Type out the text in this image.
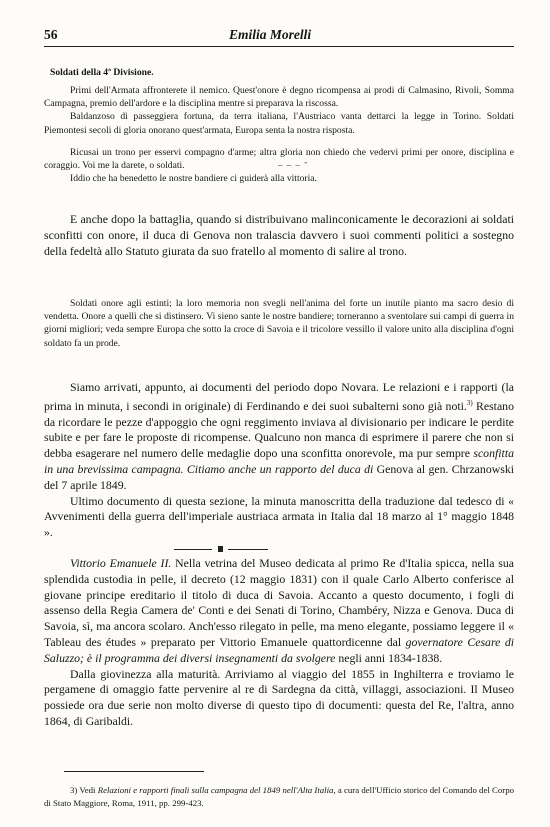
56	Emilia Morelli
Soldati della 4ª Divisione.

Primi dell'Armata affronterete il nemico. Quest'onore è degno ricompensa ai prodi di Calmasino, Rivoli, Somma Campagna, premio dell'ardore e la disciplina mentre si preparava la riscossa.

Baldanzoso di passeggiera fortuna, da terra italiana, l'Austriaco vanta dettarci la legge in Torino. Soldati Piemontesi secoli di gloria onorano quest'armata, Europa senta la nostra risposta.

Ricusai un trono per esservi compagno d'arme; altra gloria non chiedo che vedervi primi per onore, disciplina e coraggio. Voi me la darete, o soldati.

Iddio che ha benedetto le nostre bandiere ci guiderà alla vittoria.

_ _ _ -

E anche dopo la battaglia, quando si distribuivano malinconicamente le decorazioni ai soldati sconfitti con onore, il duca di Genova non tralascia davvero i suoi commenti politici a sostegno della fedeltà allo Statuto giurata da suo fratello al momento di salire al trono.

Soldati onore agli estinti; la loro memoria non svegli nell'anima del forte un inutile pianto ma sacro desio di vendetta. Onore a quelli che si distinsero. Vi sieno sante le nostre bandiere; torneranno a sventolare sui campi di guerra in giorni migliori; veda sempre Europa che sotto la croce di Savoia e il tricolore vessillo il valore unito alla disciplina d'ogni soldato fa un prode.

Siamo arrivati, appunto, ai documenti del periodo dopo Novara. Le relazioni e i rapporti (la prima in minuta, i secondi in originale) di Ferdinando e dei suoi subalterni sono già noti.$^{3)}$ Restano da ricordare le pezze d'appoggio che ogni reggimento inviava al divisionario per indicare le perdite subite e per fare le proposte di ricompense. Qualcuno non manca di esprimere il parere che non si debba esagerare nel numero delle medaglie dopo una sconfitta onorevole, ma pur sempre sconfitta in una brevissima campagna. Citiamo anche un rapporto del duca di Genova al gen. Chrzanowski del 7 aprile 1849.

Ultimo documento di questa sezione, la minuta manoscritta della traduzione dal tedesco di « Avvenimenti della guerra dell'imperiale austriaca armata in Italia dal 18 marzo al 1° maggio 1848 ».

Vittorio Emanuele II. Nella vetrina del Museo dedicata al primo Re d'Italia spicca, nella sua splendida custodia in pelle, il decreto (12 maggio 1831) con il quale Carlo Alberto conferisce al giovane principe ereditario il titolo di duca di Savoia. Accanto a questo documento, i fogli di assenso della Regia Camera de' Conti e dei Senati di Torino, Chambéry, Nizza e Genova. Duca di Savoia, sì, ma ancora scolaro. Anch'esso rilegato in pelle, ma meno elegante, possiamo leggere il « Tableau des études » preparato per Vittorio Emanuele quattordicenne dal governatore Cesare di Saluzzo; è il programma dei diversi insegnamenti da svolgere negli anni 1834-1838.

Dalla giovinezza alla maturità. Arriviamo al viaggio del 1855 in Inghilterra e troviamo le pergamene di omaggio fatte pervenire al re di Sardegna da città, villaggi, associazioni. Il Museo possiede ora due serie non molto diverse di questo tipo di documenti: questa del Re, l'altra, anno 1864, di Garibaldi.

3) Vedi Relazioni e rapporti finali sulla campagna del 1849 nell'Alta Italia, a cura dell'Ufficio storico del Comando del Corpo di Stato Maggiore, Roma, 1911, pp. 299-423.
